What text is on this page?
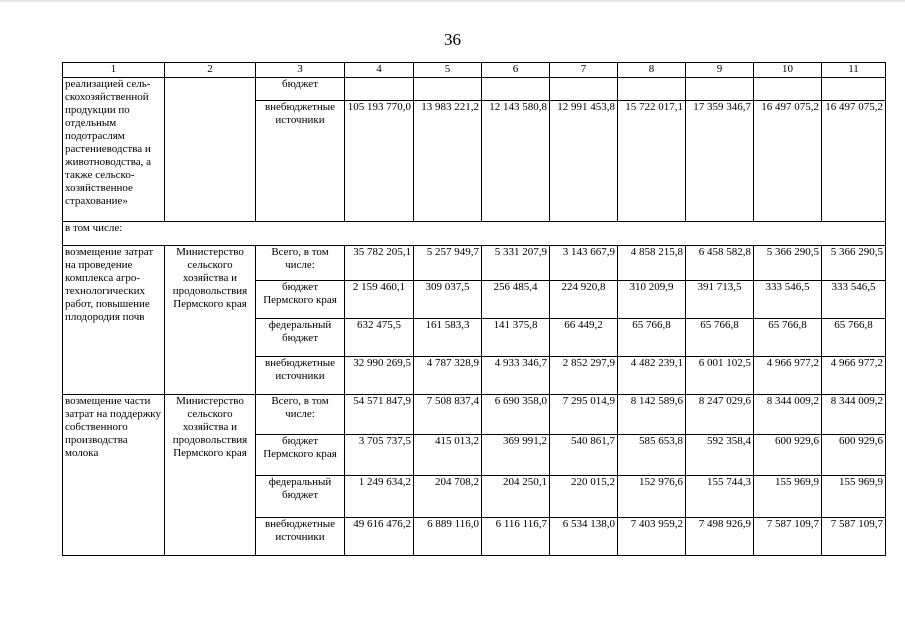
36
1	2	3	4	5	6	7	8	9	10	11
реализацией сель-скохозяйственной продукции по отдельным подотраслям растениеводства и животноводства, а также сельско-хозяйственное страхование»		бюджет								
		внебюджетные источники	105 193 770,0	13 983 221,2	12 143 580,8	12 991 453,8	15 722 017,1	17 359 346,7	16 497 075,2	16 497 075,2
в том числе:										
возмещение затрат на проведение комплекса агро-технологических работ, повышение плодородия почв	Министерство сельского хозяйства и продовольствия Пермского края	Всего, в том числе:	35 782 205,1	5 257 949,7	5 331 207,9	3 143 667,9	4 858 215,8	6 458 582,8	5 366 290,5	5 366 290,5
		бюджет Пермского края	2 159 460,1	309 037,5	256 485,4	224 920,8	310 209,9	391 713,5	333 546,5	333 546,5
		федеральный бюджет	632 475,5	161 583,3	141 375,8	66 449,2	65 766,8	65 766,8	65 766,8	65 766,8
		внебюджетные источники	32 990 269,5	4 787 328,9	4 933 346,7	2 852 297,9	4 482 239,1	6 001 102,5	4 966 977,2	4 966 977,2
возмещение части затрат на поддержку собственного производства молока	Министерство сельского хозяйства и продовольствия Пермского края	Всего, в том числе:	54 571 847,9	7 508 837,4	6 690 358,0	7 295 014,9	8 142 589,6	8 247 029,6	8 344 009,2	8 344 009,2
		бюджет Пермского края	3 705 737,5	415 013,2	369 991,2	540 861,7	585 653,8	592 358,4	600 929,6	600 929,6
		федеральный бюджет	1 249 634,2	204 708,2	204 250,1	220 015,2	152 976,6	155 744,3	155 969,9	155 969,9
		внебюджетные источники	49 616 476,2	6 889 116,0	6 116 116,7	6 534 138,0	7 403 959,2	7 498 926,9	7 587 109,7	7 587 109,7
